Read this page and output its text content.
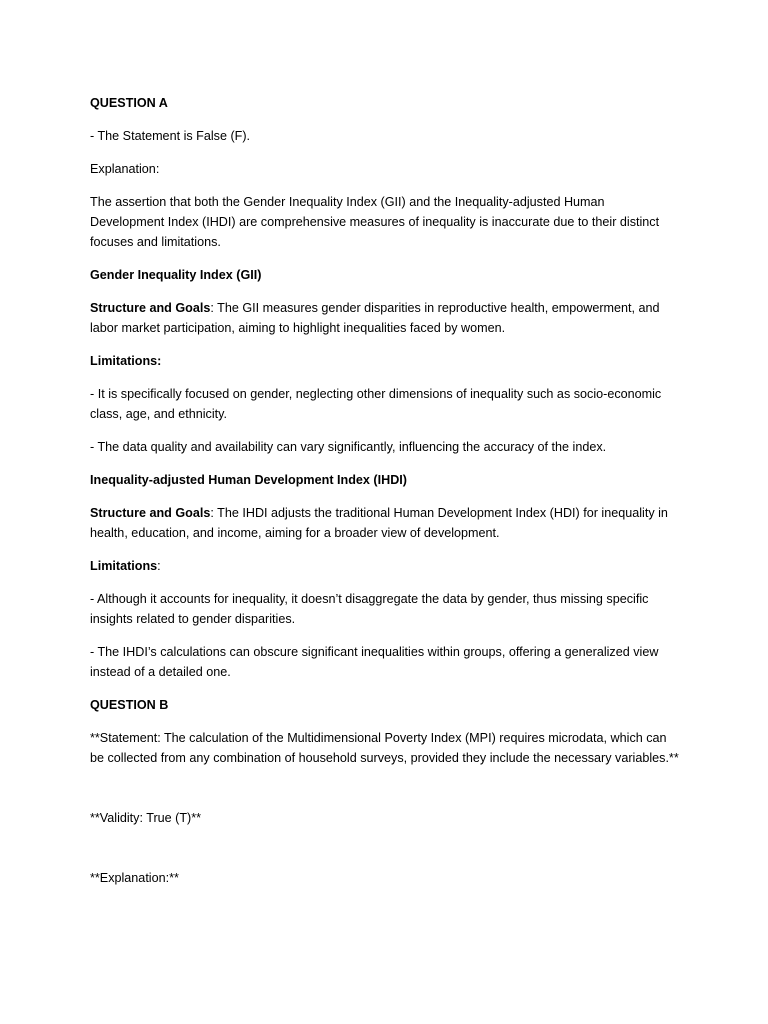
QUESTION A

- The Statement is False (F).

Explanation:

The assertion that both the Gender Inequality Index (GII) and the Inequality-adjusted Human Development Index (IHDI) are comprehensive measures of inequality is inaccurate due to their distinct focuses and limitations.

Gender Inequality Index (GII)

Structure and Goals: The GII measures gender disparities in reproductive health, empowerment, and labor market participation, aiming to highlight inequalities faced by women.

Limitations:

- It is specifically focused on gender, neglecting other dimensions of inequality such as socio-economic class, age, and ethnicity.

- The data quality and availability can vary significantly, influencing the accuracy of the index.

Inequality-adjusted Human Development Index (IHDI)

Structure and Goals: The IHDI adjusts the traditional Human Development Index (HDI) for inequality in health, education, and income, aiming for a broader view of development.

Limitations:

- Although it accounts for inequality, it doesn’t disaggregate the data by gender, thus missing specific insights related to gender disparities.

- The IHDI’s calculations can obscure significant inequalities within groups, offering a generalized view instead of a detailed one.

QUESTION B

**Statement: The calculation of the Multidimensional Poverty Index (MPI) requires microdata, which can be collected from any combination of household surveys, provided they include the necessary variables.**

**Validity: True (T)**

**Explanation:**
